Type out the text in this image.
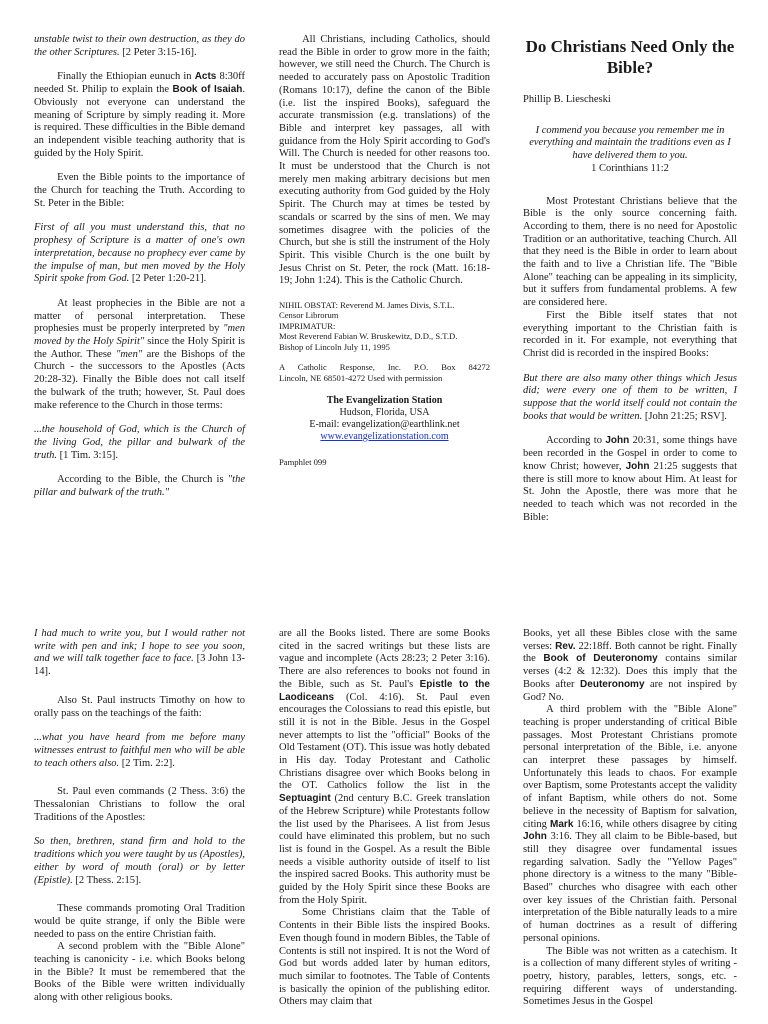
unstable twist to their own destruction, as they do the other Scriptures. [2 Peter 3:15-16].

Finally the Ethiopian eunuch in Acts 8:30ff needed St. Philip to explain the Book of Isaiah. Obviously not everyone can understand the meaning of Scripture by simply reading it. More is required. These difficulties in the Bible demand an independent visible teaching authority that is guided by the Holy Spirit.

Even the Bible points to the importance of the Church for teaching the Truth. According to St. Peter in the Bible:

First of all you must understand this, that no prophesy of Scripture is a matter of one's own interpretation, because no prophecy ever came by the impulse of man, but men moved by the Holy Spirit spoke from God. [2 Peter 1:20-21].

At least prophecies in the Bible are not a matter of personal interpretation. These prophesies must be properly interpreted by "men moved by the Holy Spirit" since the Holy Spirit is the Author. These "men" are the Bishops of the Church - the successors to the Apostles (Acts 20:28-32). Finally the Bible does not call itself the bulwark of the truth; however, St. Paul does make reference to the Church in those terms:

...the household of God, which is the Church of the living God, the pillar and bulwark of the truth. [1 Tim. 3:15].

According to the Bible, the Church is "the pillar and bulwark of the truth."

All Christians, including Catholics, should read the Bible in order to grow more in the faith; however, we still need the Church. The Church is needed to accurately pass on Apostolic Tradition (Romans 10:17), define the canon of the Bible (i.e. list the inspired Books), safeguard the accurate transmission (e.g. translations) of the Bible and interpret key passages, all with guidance from the Holy Spirit according to God's Will. The Church is needed for other reasons too. It must be understood that the Church is not merely men making arbitrary decisions but men executing authority from God guided by the Holy Spirit. The Church may at times be tested by scandals or scarred by the sins of men. We may sometimes disagree with the policies of the Church, but she is still the instrument of the Holy Spirit. This visible Church is the one built by Jesus Christ on St. Peter, the rock (Matt. 16:18-19; John 1:24). This is the Catholic Church.

NIHIL OBSTAT: Reverend M. James Divis, S.T.L.
Censor Librorum
IMPRIMATUR:
Most Reverend Fabian W. Bruskewitz, D.D., S.T.D.
Bishop of Lincoln July 11, 1995
A Catholic Response, Inc. P.O. Box 84272
Lincoln, NE 68501-4272 Used with permission
The Evangelization Station
Hudson, Florida, USA
E-mail: evangelization@earthlink.net
www.evangelizationstation.com
Pamphlet 099
Do Christians Need Only the Bible?
Phillip B. Liescheski
I commend you because you remember me in everything and maintain the traditions even as I have delivered them to you.
1 Corinthians 11:2

Most Protestant Christians believe that the Bible is the only source concerning faith. According to them, there is no need for Apostolic Tradition or an authoritative, teaching Church. All that they need is the Bible in order to learn about the faith and to live a Christian life. The "Bible Alone" teaching can be appealing in its simplicity, but it suffers from fundamental problems. A few are considered here.

First the Bible itself states that not everything important to the Christian faith is recorded in it. For example, not everything that Christ did is recorded in the inspired Books:

But there are also many other things which Jesus did; were every one of them to be written, I suppose that the world itself could not contain the books that would be written. [John 21:25; RSV].

According to John 20:31, some things have been recorded in the Gospel in order to come to know Christ; however, John 21:25 suggests that there is still more to know about Him. At least for St. John the Apostle, there was more that he needed to teach which was not recorded in the Bible:

I had much to write you, but I would rather not write with pen and ink; I hope to see you soon, and we will talk together face to face. [3 John 13-14].

Also St. Paul instructs Timothy on how to orally pass on the teachings of the faith:

...what you have heard from me before many witnesses entrust to faithful men who will be able to teach others also. [2 Tim. 2:2].

St. Paul even commands (2 Thess. 3:6) the Thessalonian Christians to follow the oral Traditions of the Apostles:

So then, brethren, stand firm and hold to the traditions which you were taught by us (Apostles), either by word of mouth (oral) or by letter (Epistle). [2 Thess. 2:15].

These commands promoting Oral Tradition would be quite strange, if only the Bible were needed to pass on the entire Christian faith.

A second problem with the "Bible Alone" teaching is canonicity - i.e. which Books belong in the Bible? It must be remembered that the Books of the Bible were written individually along with other religious books.

are all the Books listed. There are some Books cited in the sacred writings but these lists are vague and incomplete (Acts 28:23; 2 Peter 3:16). There are also references to books not found in the Bible, such as St. Paul's Epistle to the Laodiceans (Col. 4:16). St. Paul even encourages the Colossians to read this epistle, but still it is not in the Bible. Jesus in the Gospel never attempts to list the "official" Books of the Old Testament (OT). This issue was hotly debated in His day. Today Protestant and Catholic Christians disagree over which Books belong in the OT. Catholics follow the list in the Septuagint (2nd century B.C. Greek translation of the Hebrew Scripture) while Protestants follow the list used by the Pharisees. A list from Jesus could have eliminated this problem, but no such list is found in the Gospel. As a result the Bible needs a visible authority outside of itself to list the inspired sacred Books. This authority must be guided by the Holy Spirit since these Books are from the Holy Spirit.

Some Christians claim that the Table of Contents in their Bible lists the inspired Books. Even though found in modern Bibles, the Table of Contents is still not inspired. It is not the Word of God but words added later by human editors, much similar to footnotes. The Table of Contents is basically the opinion of the publishing editor. Others may claim that

Books, yet all these Bibles close with the same verses: Rev. 22:18ff. Both cannot be right. Finally the Book of Deuteronomy contains similar verses (4:2 & 12:32). Does this imply that the Books after Deuteronomy are not inspired by God? No.

A third problem with the "Bible Alone" teaching is proper understanding of critical Bible passages. Most Protestant Christians promote personal interpretation of the Bible, i.e. anyone can interpret these passages by himself. Unfortunately this leads to chaos. For example over Baptism, some Protestants accept the validity of infant Baptism, while others do not. Some believe in the necessity of Baptism for salvation, citing Mark 16:16, while others disagree by citing John 3:16. They all claim to be Bible-based, but still they disagree over fundamental issues regarding salvation. Sadly the "Yellow Pages" phone directory is a witness to the many "Bible-Based" churches who disagree with each other over key issues of the Christian faith. Personal interpretation of the Bible naturally leads to a mire of human doctrines as a result of differing personal opinions.

The Bible was not written as a catechism. It is a collection of many different styles of writing - poetry, history, parables, letters, songs, etc. - requiring different ways of understanding. Sometimes Jesus in the Gospel
